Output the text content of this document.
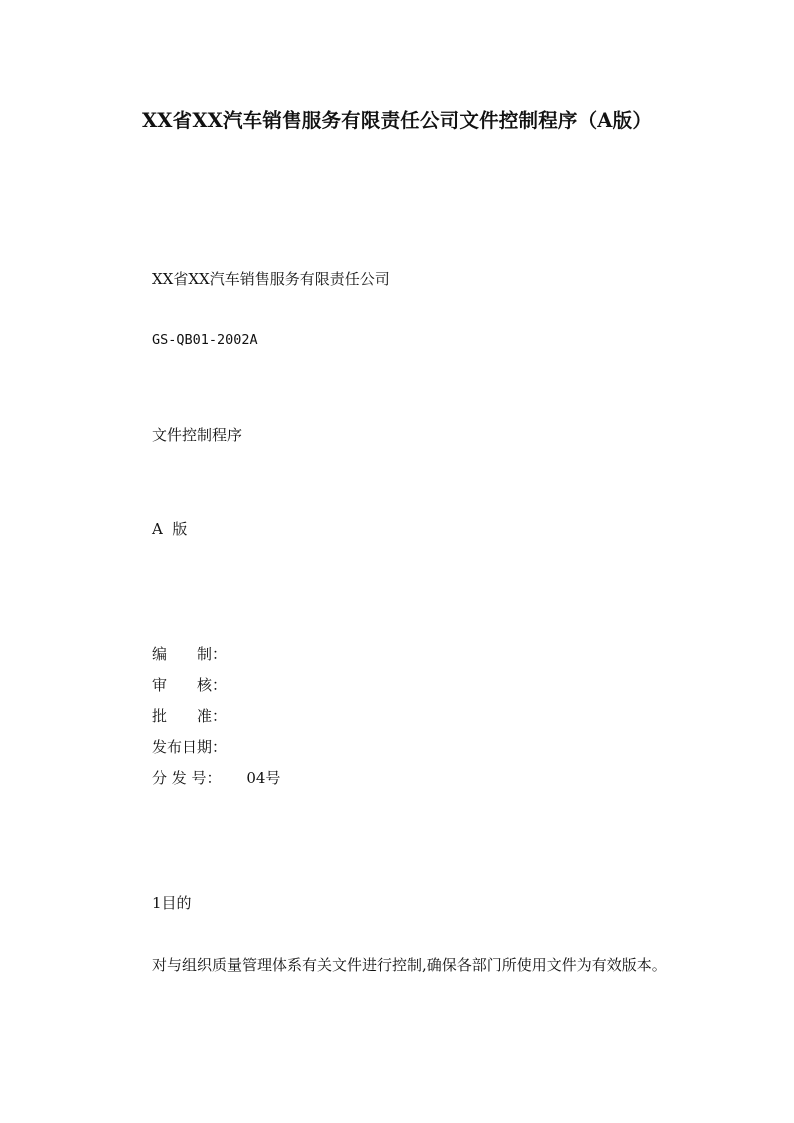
XX省XX汽车销售服务有限责任公司文件控制程序（A版）
XX省XX汽车销售服务有限责任公司
GS-QB01-2002A
文件控制程序
A  版
编　　制：
审　　核：
批　　准：
发布日期：
分 发 号： 04号
1目的
对与组织质量管理体系有关文件进行控制,确保各部门所使用文件为有效版本。
